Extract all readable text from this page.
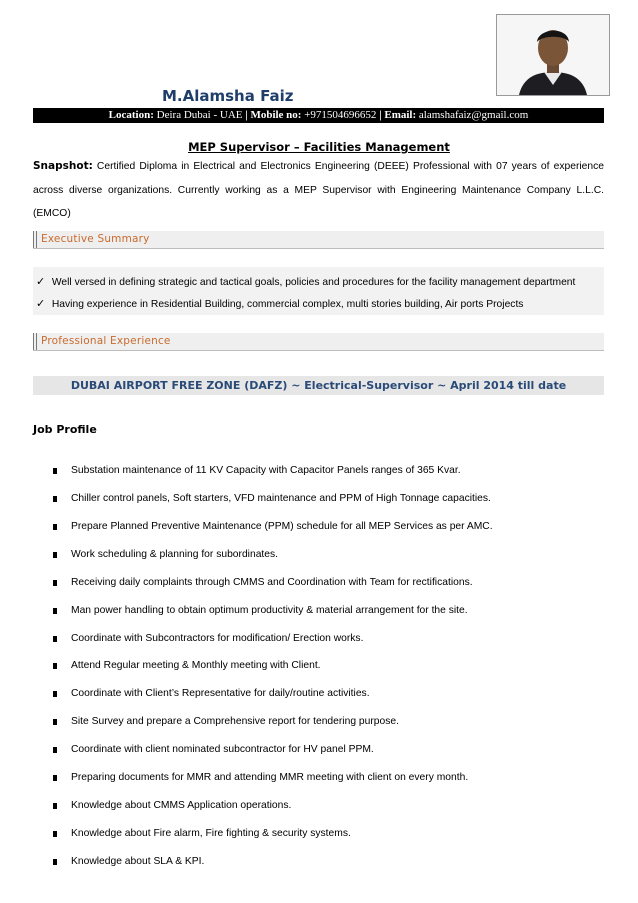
M.Alamsha Faiz
Location: Deira Dubai - UAE | Mobile no: +971504696652 | Email: alamshafaiz@gmail.com
MEP Supervisor – Facilities Management
Snapshot: Certified Diploma in Electrical and Electronics Engineering (DEEE) Professional with 07 years of experience across diverse organizations. Currently working as a MEP Supervisor with Engineering Maintenance Company L.L.C. (EMCO)
Executive Summary
✓ Well versed in defining strategic and tactical goals, policies and procedures for the facility management department
✓ Having experience in Residential Building, commercial complex, multi stories building, Air ports Projects
Professional Experience
DUBAI AIRPORT FREE ZONE (DAFZ) ~ Electrical-Supervisor ~ April 2014 till date
Job Profile
Substation maintenance of 11 KV Capacity with Capacitor Panels ranges of 365 Kvar.
Chiller control panels, Soft starters, VFD maintenance and PPM of High Tonnage capacities.
Prepare Planned Preventive Maintenance (PPM) schedule for all MEP Services as per AMC.
Work scheduling & planning for subordinates.
Receiving daily complaints through CMMS and Coordination with Team for rectifications.
Man power handling to obtain optimum productivity & material arrangement for the site.
Coordinate with Subcontractors for modification/ Erection works.
Attend Regular meeting & Monthly meeting with Client.
Coordinate with Client’s Representative for daily/routine activities.
Site Survey and prepare a Comprehensive report for tendering purpose.
Coordinate with client nominated subcontractor for HV panel PPM.
Preparing documents for MMR and attending MMR meeting with client on every month.
Knowledge about CMMS Application operations.
Knowledge about Fire alarm, Fire fighting & security systems.
Knowledge about SLA & KPI.
